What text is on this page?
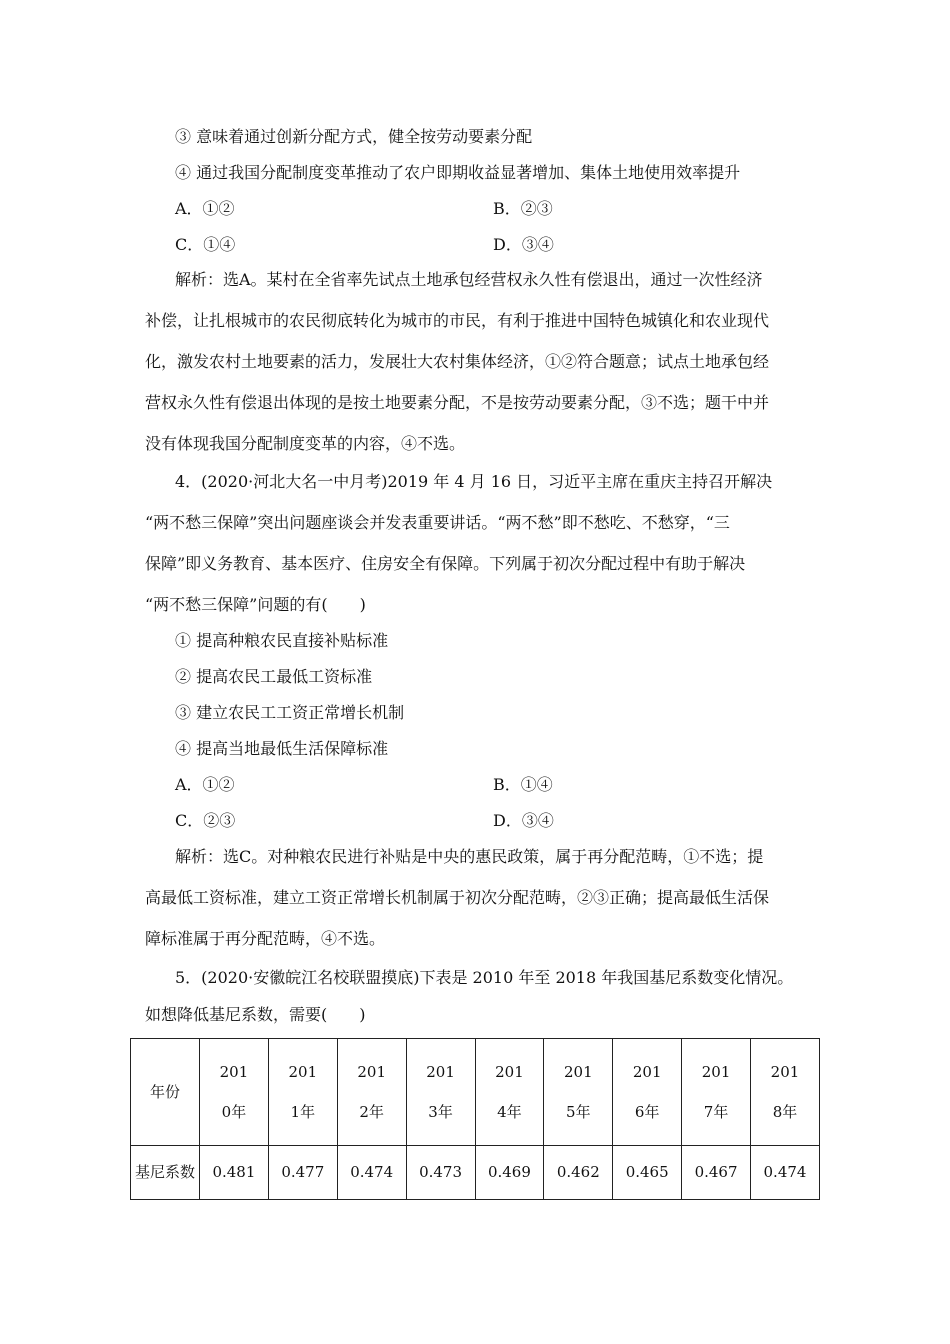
③ 意味着通过创新分配方式，健全按劳动要素分配
④ 通过我国分配制度变革推动了农户即期收益显著增加、集体土地使用效率提升
A．①②	B．②③
C．①④	D．③④
解析：选A。某村在全省率先试点土地承包经营权永久性有偿退出，通过一次性经济
补偿，让扎根城市的农民彻底转化为城市的市民，有利于推进中国特色城镇化和农业现代
化，激发农村土地要素的活力，发展壮大农村集体经济，①②符合题意；试点土地承包经
营权永久性有偿退出体现的是按土地要素分配，不是按劳动要素分配，③不选；题干中并
没有体现我国分配制度变革的内容，④不选。
4．(2020·河北大名一中月考)2019 年 4 月 16 日，习近平主席在重庆主持召开解决
“两不愁三保障”突出问题座谈会并发表重要讲话。“两不愁”即不愁吃、不愁穿，“三
保障”即义务教育、基本医疗、住房安全有保障。下列属于初次分配过程中有助于解决
“两不愁三保障”问题的有(　　)
① 提高种粮农民直接补贴标准
② 提高农民工最低工资标准
③ 建立农民工工资正常增长机制
④ 提高当地最低生活保障标准
A．①②	B．①④
C．②③	D．③④
解析：选C。对种粮农民进行补贴是中央的惠民政策，属于再分配范畴，①不选；提
高最低工资标准，建立工资正常增长机制属于初次分配范畴，②③正确；提高最低生活保
障标准属于再分配范畴，④不选。
5．(2020·安徽皖江名校联盟摸底)下表是 2010 年至 2018 年我国基尼系数变化情况。
如想降低基尼系数，需要(　　)
年份	2010年	2011年	2012年	2013年	2014年	2015年	2016年	2017年	2018年

基尼系数	0.481	0.477	0.474	0.473	0.469	0.462	0.465	0.467	0.474
